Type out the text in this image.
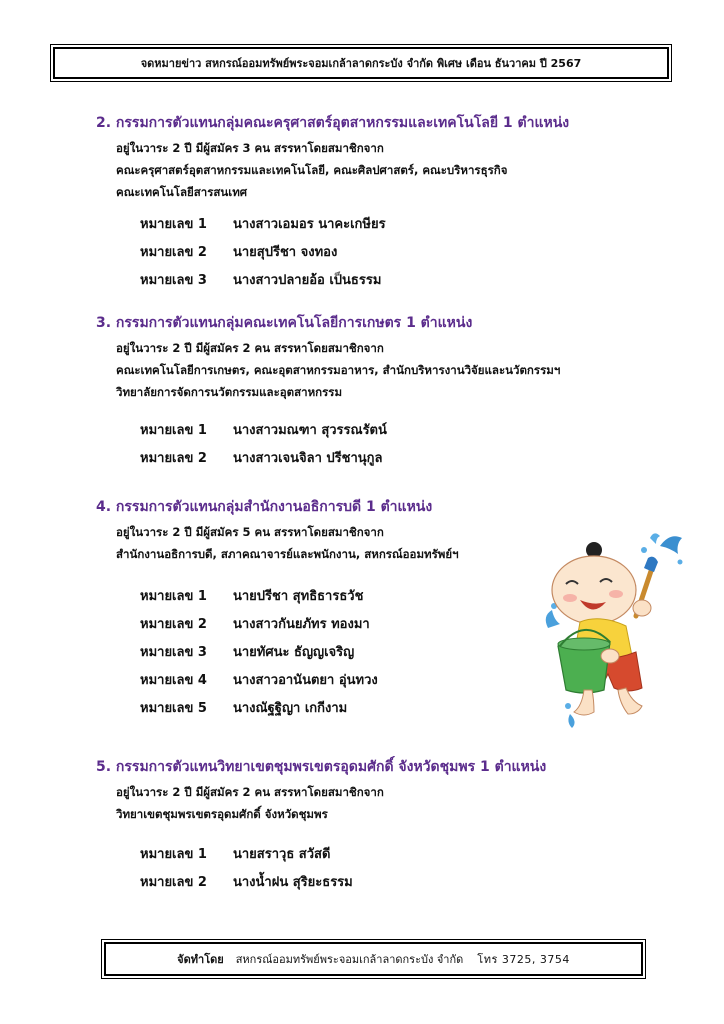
จดหมายข่าว สหกรณ์ออมทรัพย์พระจอมเกล้าลาดกระบัง จำกัด พิเศษ เดือน ธันวาคม ปี 2567

2. กรรมการตัวแทนกลุ่มคณะครุศาสตร์อุตสาหกรรมและเทคโนโลยี 1 ตำแหน่ง

อยู่ในวาระ 2 ปี มีผู้สมัคร 3 คน สรรหาโดยสมาชิกจาก

คณะครุศาสตร์อุตสาหกรรมและเทคโนโลยี, คณะศิลปศาสตร์, คณะบริหารธุรกิจ

คณะเทคโนโลยีสารสนเทศ

หมายเลข 1 นางสาวเอมอร นาคะเกษียร
หมายเลข 2 นายสุปรีชา จงทอง
หมายเลข 3 นางสาวปลายอ้อ เป็นธรรม

3. กรรมการตัวแทนกลุ่มคณะเทคโนโลยีการเกษตร 1 ตำแหน่ง

อยู่ในวาระ 2 ปี มีผู้สมัคร 2 คน สรรหาโดยสมาชิกจาก

คณะเทคโนโลยีการเกษตร, คณะอุตสาหกรรมอาหาร, สำนักบริหารงานวิจัยและนวัตกรรมฯ

วิทยาลัยการจัดการนวัตกรรมและอุตสาหกรรม

หมายเลข 1 นางสาวมณฑา สุวรรณรัตน์
หมายเลข 2 นางสาวเจนจิลา ปรีชานุกูล

4. กรรมการตัวแทนกลุ่มสำนักงานอธิการบดี 1 ตำแหน่ง

อยู่ในวาระ 2 ปี มีผู้สมัคร 5 คน สรรหาโดยสมาชิกจาก

สำนักงานอธิการบดี, สภาคณาจารย์และพนักงาน, สหกรณ์ออมทรัพย์ฯ

หมายเลข 1 นายปรีชา สุทธิธารธวัช
หมายเลข 2 นางสาวกันยภัทร ทองมา
หมายเลข 3 นายทัศนะ ธัญญเจริญ
หมายเลข 4 นางสาวอานันตยา อุ่นทวง
หมายเลข 5 นางณัฐฐิญา เกกีงาม

5. กรรมการตัวแทนวิทยาเขตชุมพรเขตรอุดมศักดิ์ จังหวัดชุมพร 1 ตำแหน่ง

อยู่ในวาระ 2 ปี มีผู้สมัคร 2 คน สรรหาโดยสมาชิกจาก

วิทยาเขตชุมพรเขตรอุดมศักดิ์ จังหวัดชุมพร

หมายเลข 1 นายสราวุธ สวัสดี
หมายเลข 2 นางน้ำฝน สุริยะธรรม
จัดทำโดย สหกรณ์ออมทรัพย์พระจอมเกล้าลาดกระบัง จำกัด โทร 3725, 3754
